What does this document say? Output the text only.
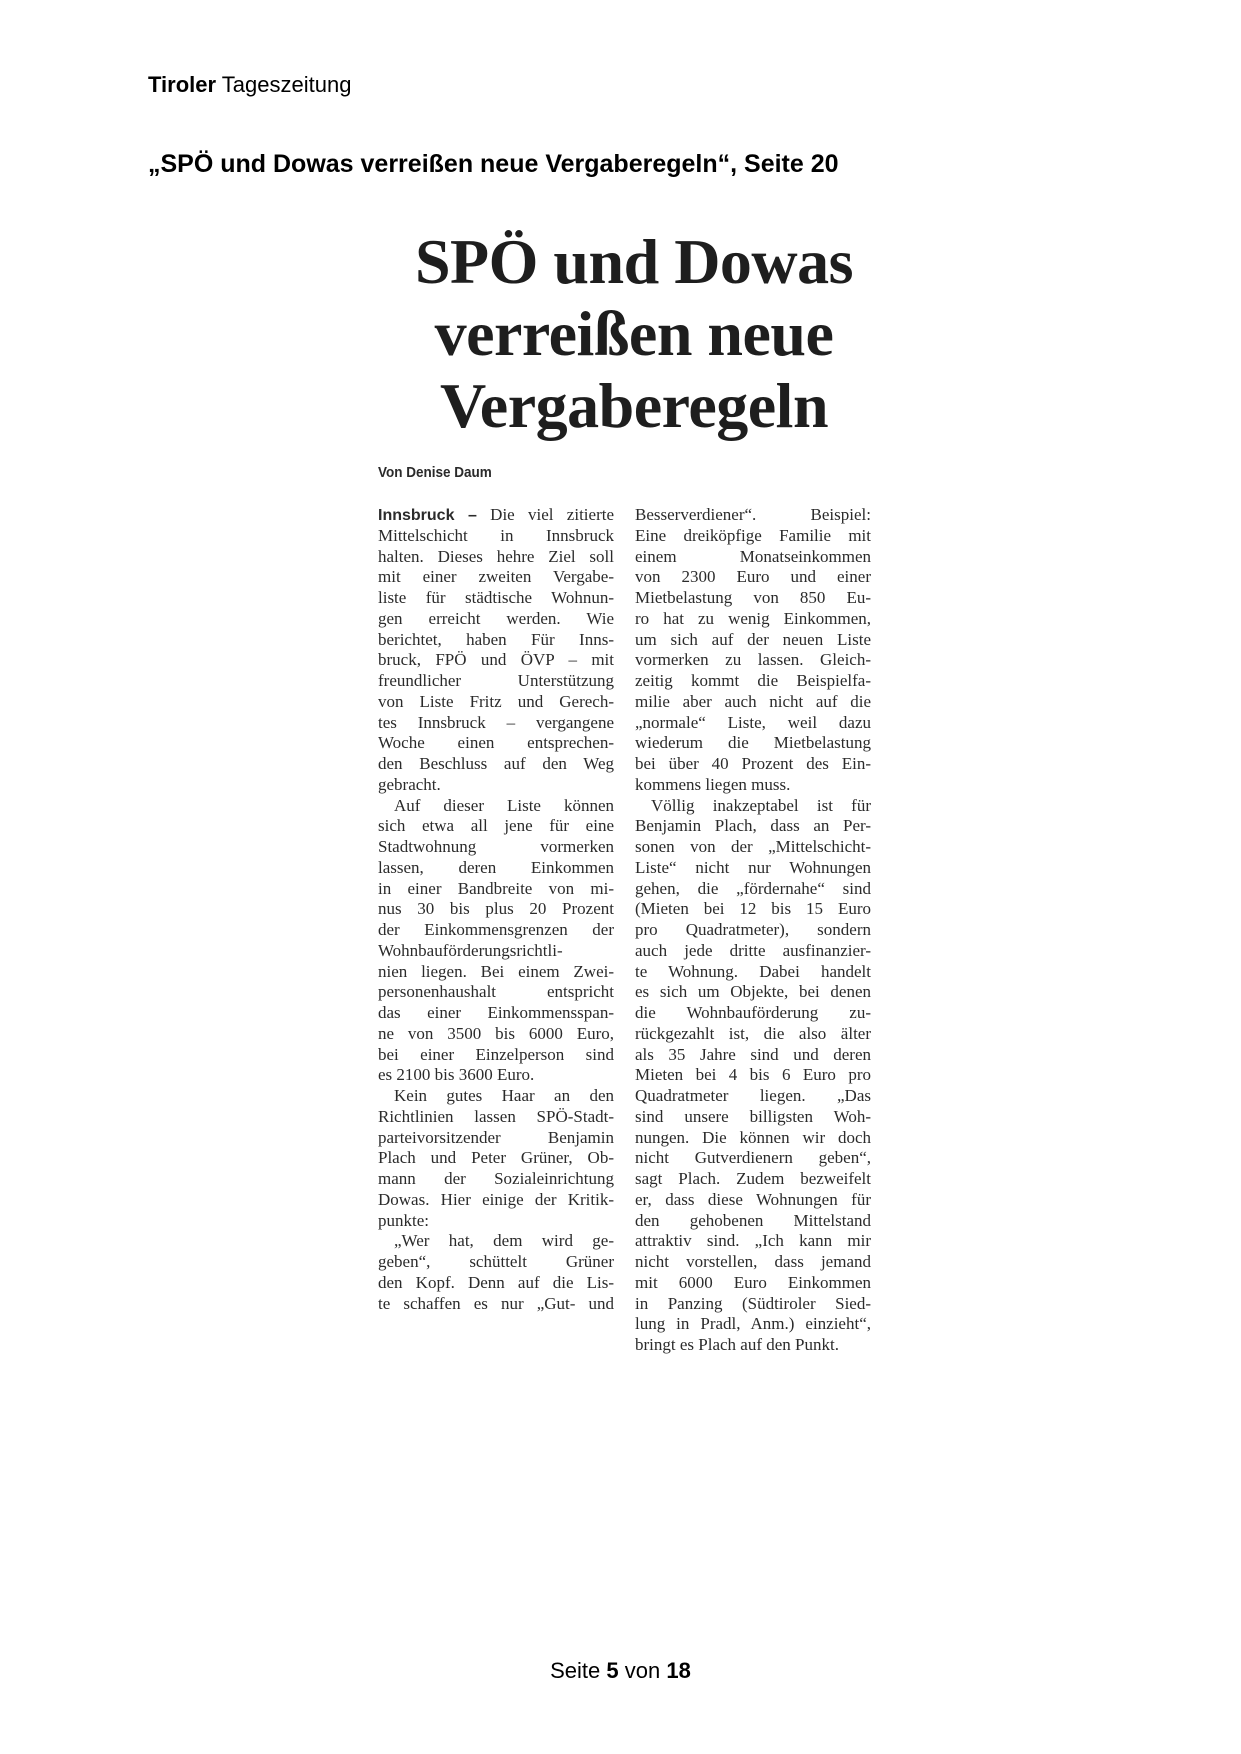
Tiroler Tageszeitung
„SPÖ und Dowas verreißen neue Vergaberegeln“, Seite 20
SPÖ und Dowas
verreißen neue
Vergaberegeln
Von Denise Daum
Innsbruck – Die viel zitierte
Mittelschicht in Innsbruck
halten. Dieses hehre Ziel soll
mit einer zweiten Vergabe-
liste für städtische Wohnun-
gen erreicht werden. Wie
berichtet, haben Für Inns-
bruck, FPÖ und ÖVP – mit
freundlicher Unterstützung
von Liste Fritz und Gerech-
tes Innsbruck – vergangene
Woche einen entsprechen-
den Beschluss auf den Weg
gebracht.
Auf dieser Liste können
sich etwa all jene für eine
Stadtwohnung vormerken
lassen, deren Einkommen
in einer Bandbreite von mi-
nus 30 bis plus 20 Prozent
der Einkommensgrenzen der
Wohnbauförderungsrichtli-
nien liegen. Bei einem Zwei-
personenhaushalt entspricht
das einer Einkommensspan-
ne von 3500 bis 6000 Euro,
bei einer Einzelperson sind
es 2100 bis 3600 Euro.
Kein gutes Haar an den
Richtlinien lassen SPÖ-Stadt-
parteivorsitzender Benjamin
Plach und Peter Grüner, Ob-
mann der Sozialeinrichtung
Dowas. Hier einige der Kritik-
punkte:
„Wer hat, dem wird ge-
geben“, schüttelt Grüner
den Kopf. Denn auf die Lis-
te schaffen es nur „Gut- und
Besserverdiener“. Beispiel:
Eine dreiköpfige Familie mit
einem Monatseinkommen
von 2300 Euro und einer
Mietbelastung von 850 Eu-
ro hat zu wenig Einkommen,
um sich auf der neuen Liste
vormerken zu lassen. Gleich-
zeitig kommt die Beispielfa-
milie aber auch nicht auf die
„normale“ Liste, weil dazu
wiederum die Mietbelastung
bei über 40 Prozent des Ein-
kommens liegen muss.
Völlig inakzeptabel ist für
Benjamin Plach, dass an Per-
sonen von der „Mittelschicht-
Liste“ nicht nur Wohnungen
gehen, die „fördernahe“ sind
(Mieten bei 12 bis 15 Euro
pro Quadratmeter), sondern
auch jede dritte ausfinanzier-
te Wohnung. Dabei handelt
es sich um Objekte, bei denen
die Wohnbauförderung zu-
rückgezahlt ist, die also älter
als 35 Jahre sind und deren
Mieten bei 4 bis 6 Euro pro
Quadratmeter liegen. „Das
sind unsere billigsten Woh-
nungen. Die können wir doch
nicht Gutverdienern geben“,
sagt Plach. Zudem bezweifelt
er, dass diese Wohnungen für
den gehobenen Mittelstand
attraktiv sind. „Ich kann mir
nicht vorstellen, dass jemand
mit 6000 Euro Einkommen
in Panzing (Südtiroler Sied-
lung in Pradl, Anm.) einzieht“,
bringt es Plach auf den Punkt.
Seite 5 von 18
